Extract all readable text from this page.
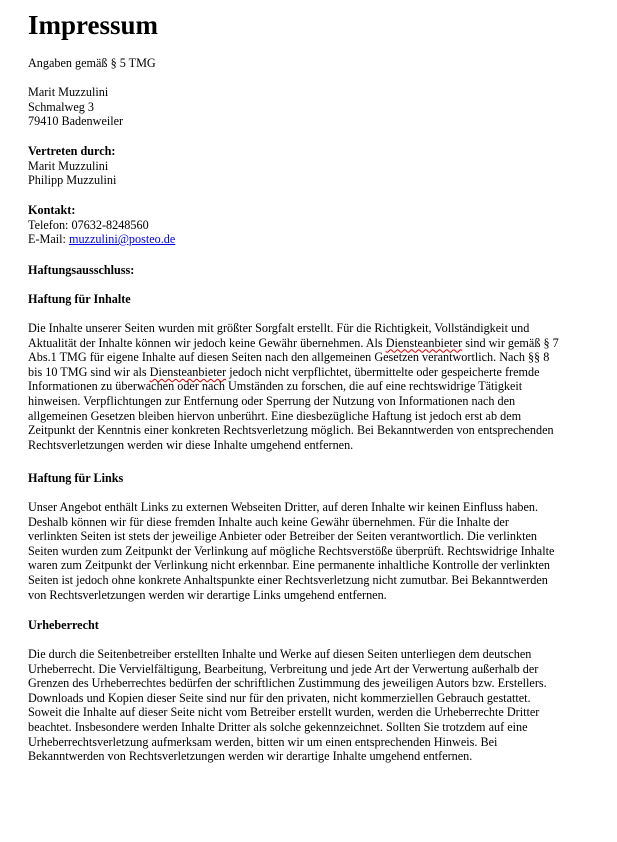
Impressum

Angaben gemäß § 5 TMG

Marit Muzzulini
Schmalweg 3
79410 Badenweiler
Vertreten durch:
Marit Muzzulini
Philipp Muzzulini
Kontakt:
Telefon: 07632-8248560
E-Mail: muzzulini@posteo.de

Haftungsausschluss:

Haftung für Inhalte

Die Inhalte unserer Seiten wurden mit größter Sorgfalt erstellt. Für die Richtigkeit, Vollständigkeit und
Aktualität der Inhalte können wir jedoch keine Gewähr übernehmen. Als Diensteanbieter sind wir gemäß § 7
Abs.1 TMG für eigene Inhalte auf diesen Seiten nach den allgemeinen Gesetzen verantwortlich. Nach §§ 8
bis 10 TMG sind wir als Diensteanbieter jedoch nicht verpflichtet, übermittelte oder gespeicherte fremde
Informationen zu überwachen oder nach Umständen zu forschen, die auf eine rechtswidrige Tätigkeit
hinweisen. Verpflichtungen zur Entfernung oder Sperrung der Nutzung von Informationen nach den
allgemeinen Gesetzen bleiben hiervon unberührt. Eine diesbezügliche Haftung ist jedoch erst ab dem
Zeitpunkt der Kenntnis einer konkreten Rechtsverletzung möglich. Bei Bekanntwerden von entsprechenden
Rechtsverletzungen werden wir diese Inhalte umgehend entfernen.

Haftung für Links

Unser Angebot enthält Links zu externen Webseiten Dritter, auf deren Inhalte wir keinen Einfluss haben.
Deshalb können wir für diese fremden Inhalte auch keine Gewähr übernehmen. Für die Inhalte der
verlinkten Seiten ist stets der jeweilige Anbieter oder Betreiber der Seiten verantwortlich. Die verlinkten
Seiten wurden zum Zeitpunkt der Verlinkung auf mögliche Rechtsverstöße überprüft. Rechtswidrige Inhalte
waren zum Zeitpunkt der Verlinkung nicht erkennbar. Eine permanente inhaltliche Kontrolle der verlinkten
Seiten ist jedoch ohne konkrete Anhaltspunkte einer Rechtsverletzung nicht zumutbar. Bei Bekanntwerden
von Rechtsverletzungen werden wir derartige Links umgehend entfernen.

Urheberrecht

Die durch die Seitenbetreiber erstellten Inhalte und Werke auf diesen Seiten unterliegen dem deutschen
Urheberrecht. Die Vervielfältigung, Bearbeitung, Verbreitung und jede Art der Verwertung außerhalb der
Grenzen des Urheberrechtes bedürfen der schriftlichen Zustimmung des jeweiligen Autors bzw. Erstellers.
Downloads und Kopien dieser Seite sind nur für den privaten, nicht kommerziellen Gebrauch gestattet.
Soweit die Inhalte auf dieser Seite nicht vom Betreiber erstellt wurden, werden die Urheberrechte Dritter
beachtet. Insbesondere werden Inhalte Dritter als solche gekennzeichnet. Sollten Sie trotzdem auf eine
Urheberrechtsverletzung aufmerksam werden, bitten wir um einen entsprechenden Hinweis. Bei
Bekanntwerden von Rechtsverletzungen werden wir derartige Inhalte umgehend entfernen.
